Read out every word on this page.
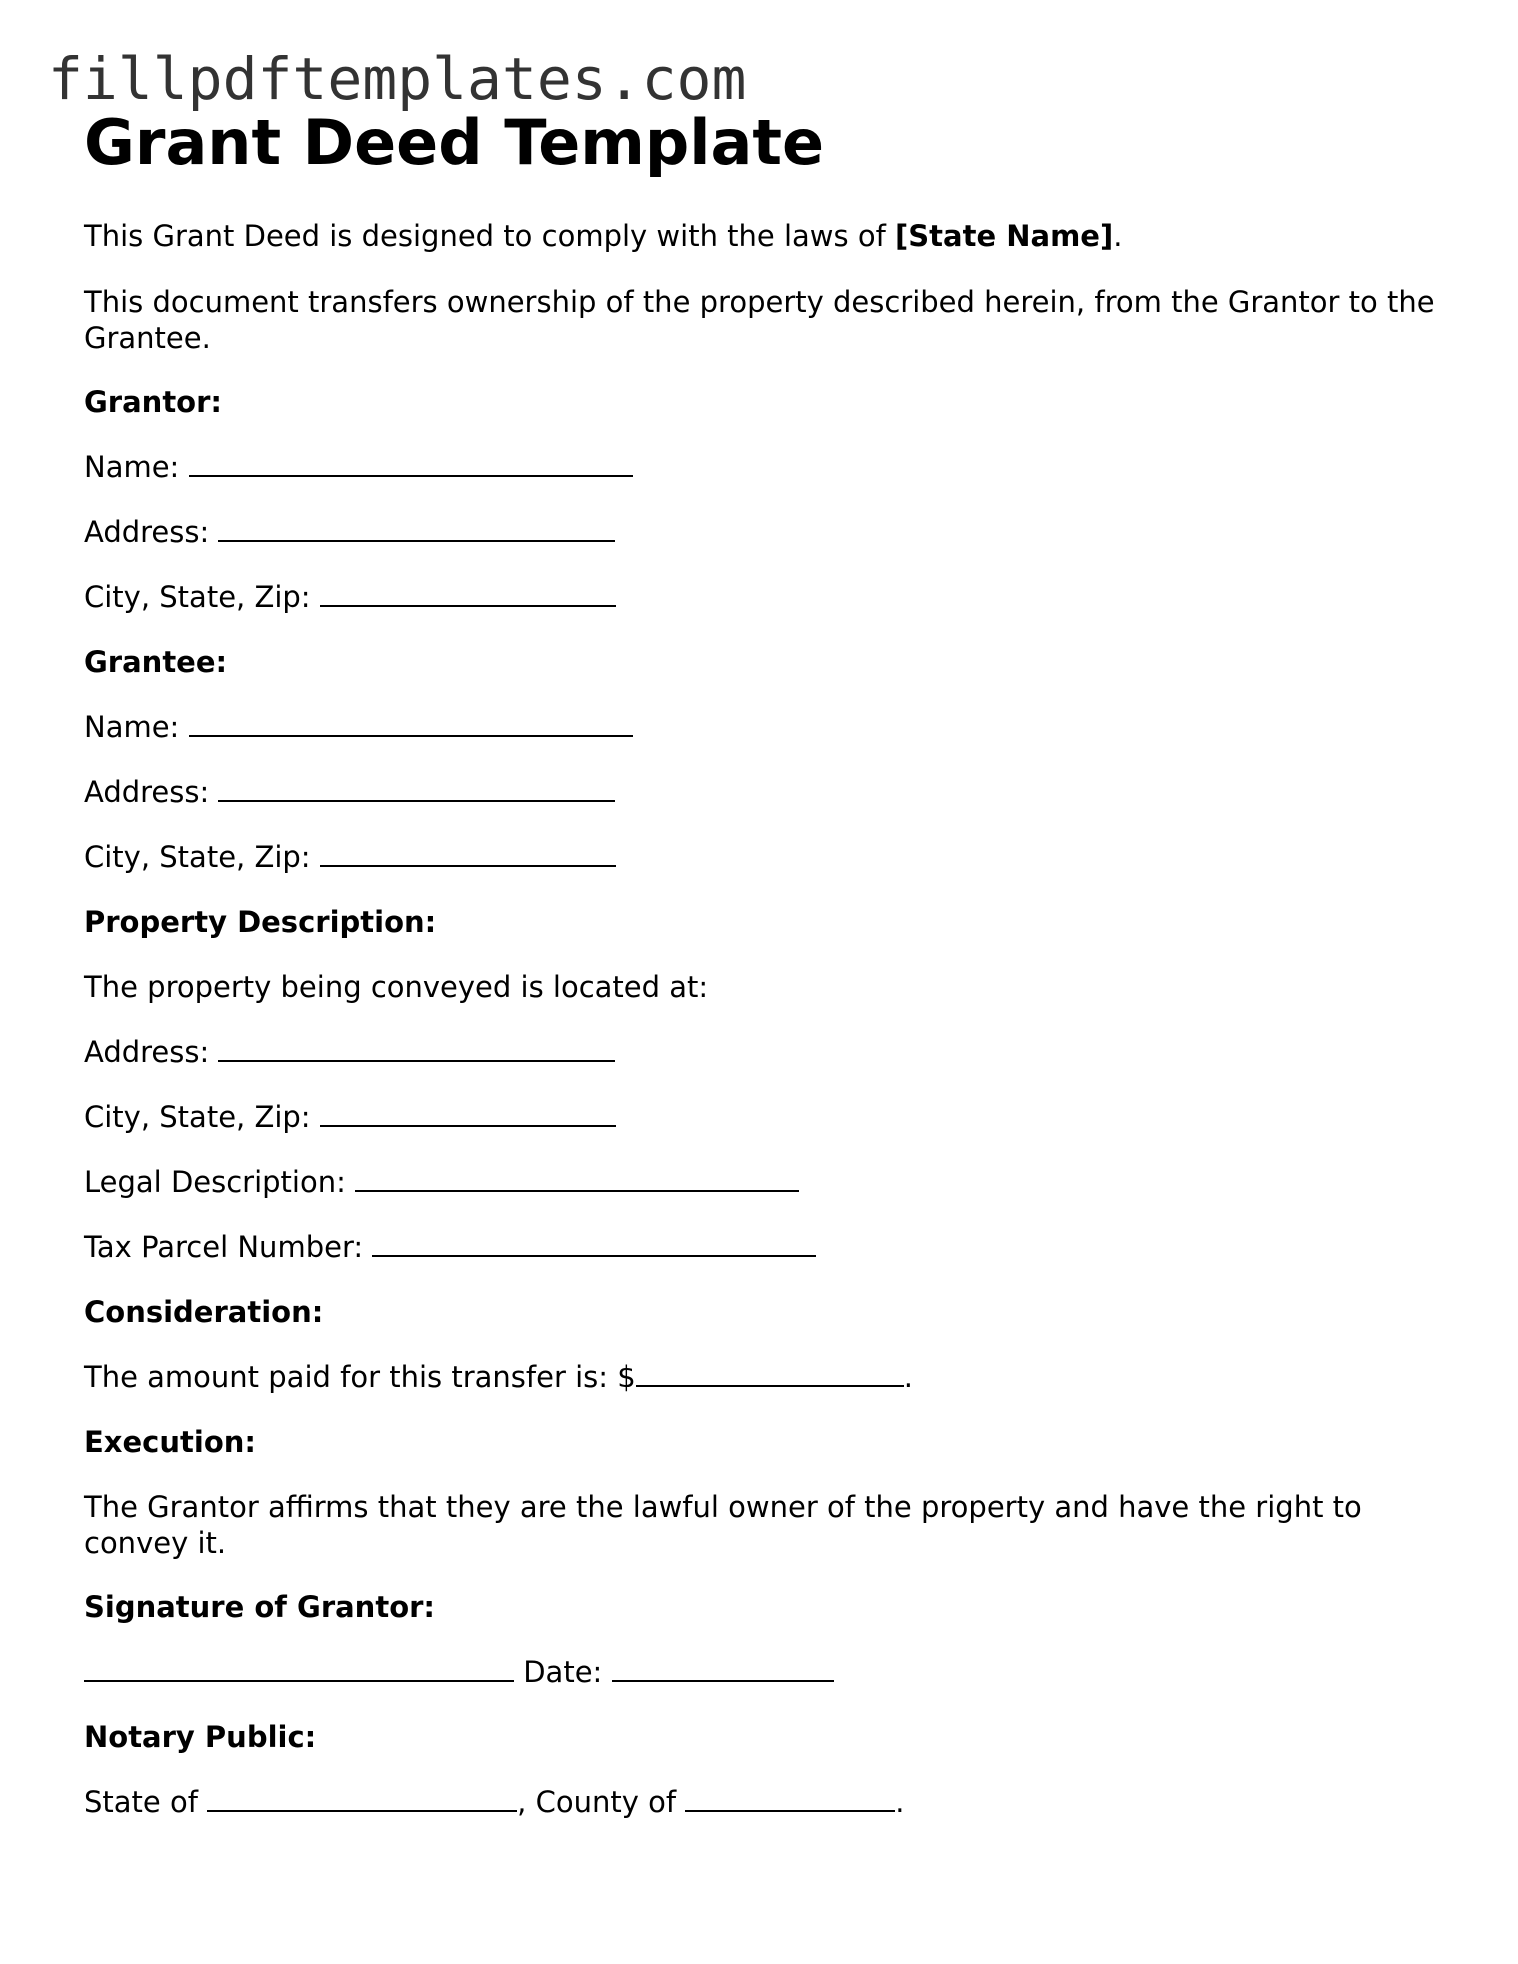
fillpdftemplates.com
Grant Deed Template

This Grant Deed is designed to comply with the laws of [State Name].

This document transfers ownership of the property described herein, from the Grantor to the Grantee.

Grantor:

Name:

Address:

City, State, Zip:

Grantee:

Name:

Address:

City, State, Zip:

Property Description:

The property being conveyed is located at:

Address:

City, State, Zip:

Legal Description:

Tax Parcel Number:

Consideration:

The amount paid for this transfer is: $	.

Execution:

The Grantor affirms that they are the lawful owner of the property and have the right to convey it.

Signature of Grantor:

Date:

Notary Public:

State of	, County of	.
